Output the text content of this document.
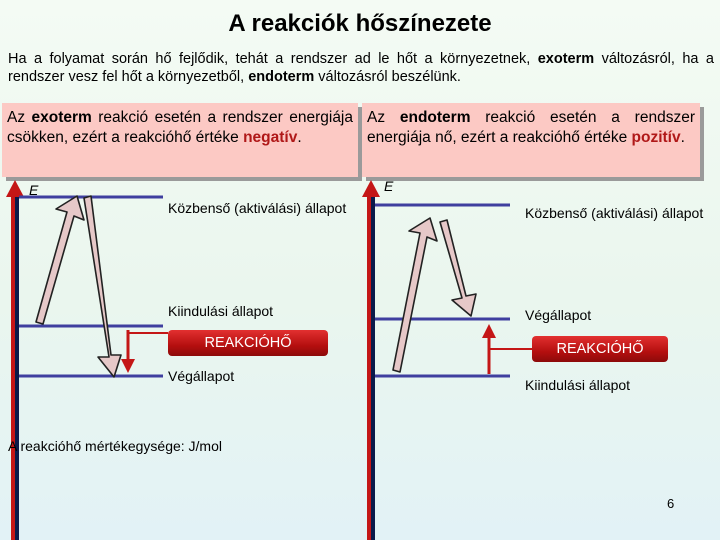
A reakciók hőszínezete
Ha a folyamat során hő fejlődik, tehát a rendszer ad le hőt a környezetnek, exoterm változásról, ha a rendszer vesz fel hőt a környezetből, endoterm változásról beszélünk.
Az exoterm reakció esetén a rendszer energiája csökken, ezért a reakcióhő értéke negatív.
Az endoterm reakció esetén a rendszer energiája nő, ezért a reakcióhő értéke pozitív.
E
Közbenső (aktiválási) állapot
Kiindulási állapot
REAKCIÓHŐ
Végállapot
E
Közbenső (aktiválási) állapot
Végállapot
REAKCIÓHŐ
Kiindulási állapot
A reakcióhő mértékegysége: J/mol
6
